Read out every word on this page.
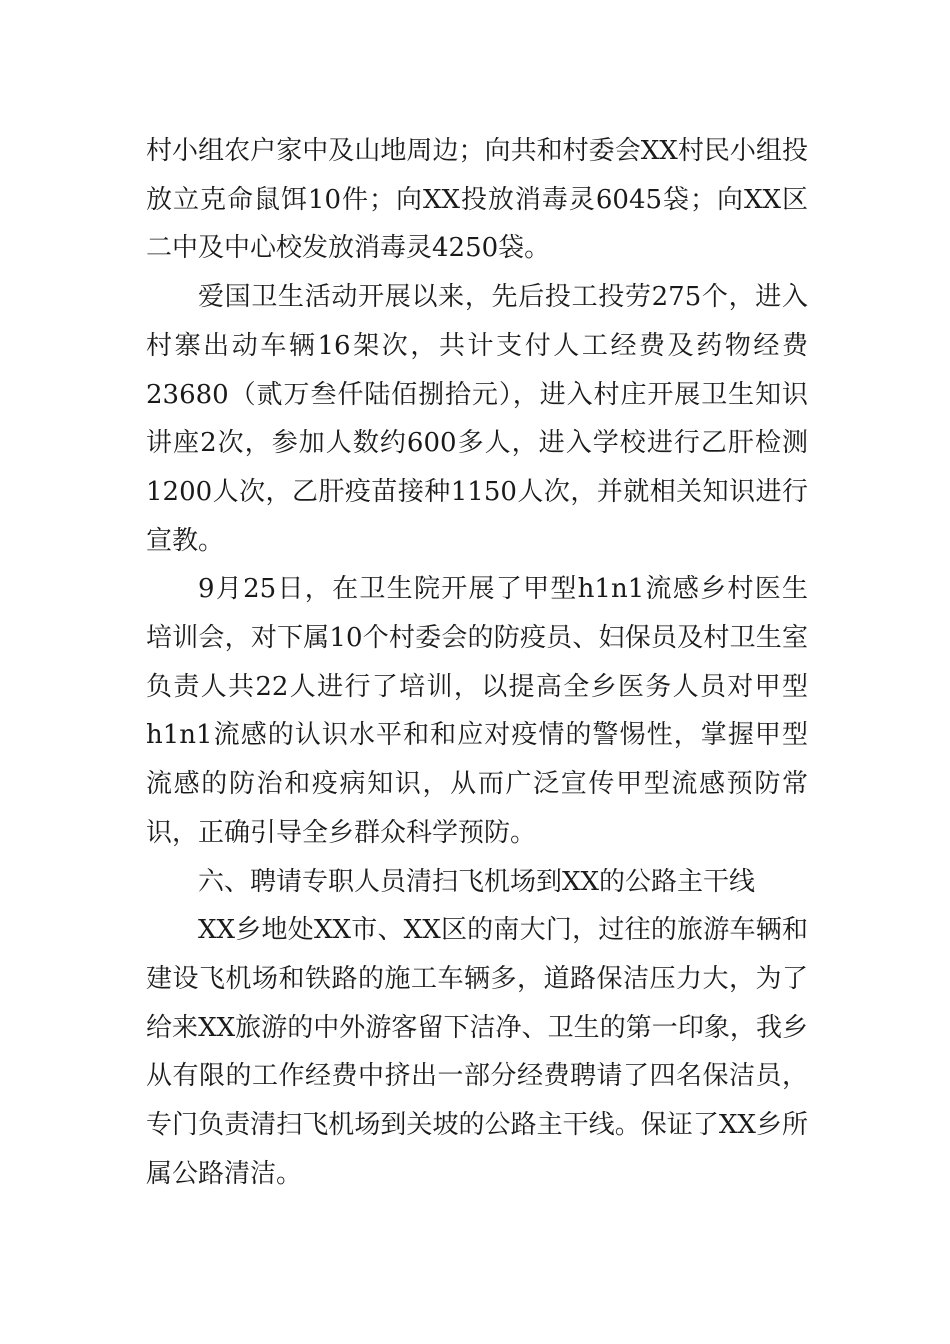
村小组农户家中及山地周边；向共和村委会XX村民小组投放立克命鼠饵10件；向XX投放消毒灵6045袋；向XX区二中及中心校发放消毒灵4250袋。

爱国卫生活动开展以来，先后投工投劳275个，进入村寨出动车辆16架次，共计支付人工经费及药物经费23680（贰万叁仟陆佰捌拾元），进入村庄开展卫生知识讲座2次，参加人数约600多人，进入学校进行乙肝检测1200人次，乙肝疫苗接种1150人次，并就相关知识进行宣教。

9月25日，在卫生院开展了甲型h1n1流感乡村医生培训会，对下属10个村委会的防疫员、妇保员及村卫生室负责人共22人进行了培训，以提高全乡医务人员对甲型h1n1流感的认识水平和和应对疫情的警惕性，掌握甲型流感的防治和疫病知识，从而广泛宣传甲型流感预防常识，正确引导全乡群众科学预防。

六、聘请专职人员清扫飞机场到XX的公路主干线

XX乡地处XX市、XX区的南大门，过往的旅游车辆和建设飞机场和铁路的施工车辆多，道路保洁压力大，为了给来XX旅游的中外游客留下洁净、卫生的第一印象，我乡从有限的工作经费中挤出一部分经费聘请了四名保洁员，专门负责清扫飞机场到关坡的公路主干线。保证了XX乡所属公路清洁。
